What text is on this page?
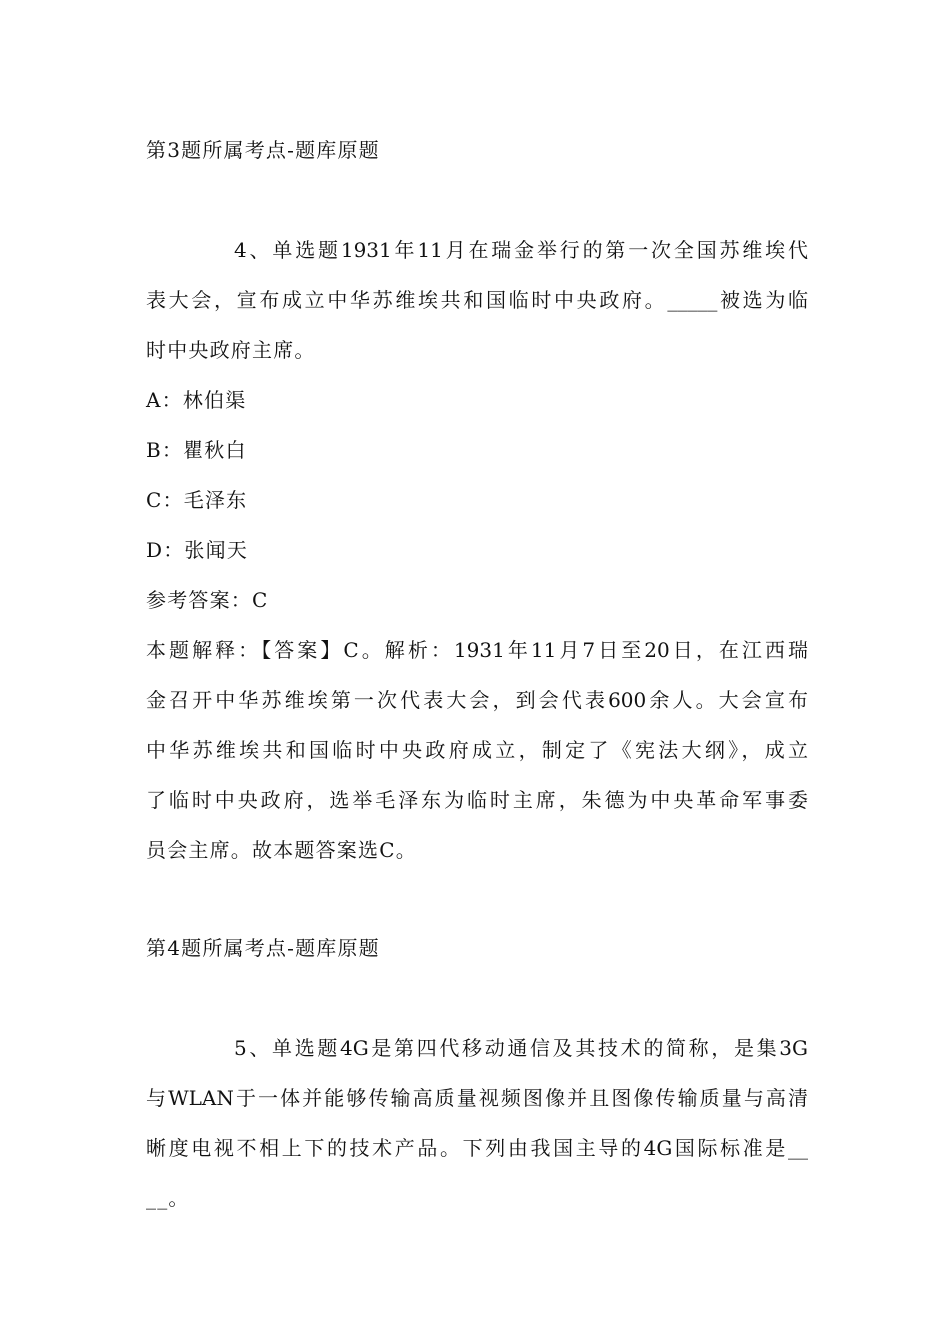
第3题所属考点-题库原题
4、单选题1931年11月在瑞金举行的第一次全国苏维埃代
表大会，宣布成立中华苏维埃共和国临时中央政府。_____被选为临
时中央政府主席。
A：林伯渠
B：瞿秋白
C：毛泽东
D：张闻天
参考答案：C
本题解释：【答案】C。解析：1931年11月7日至20日，在江西瑞
金召开中华苏维埃第一次代表大会，到会代表600余人。大会宣布
中华苏维埃共和国临时中央政府成立，制定了《宪法大纲》，成立
了临时中央政府，选举毛泽东为临时主席，朱德为中央革命军事委
员会主席。故本题答案选C。
第4题所属考点-题库原题
5、单选题4G是第四代移动通信及其技术的简称，是集3G
与WLAN于一体并能够传输高质量视频图像并且图像传输质量与高清
晰度电视不相上下的技术产品。下列由我国主导的4G国际标准是__
__。
